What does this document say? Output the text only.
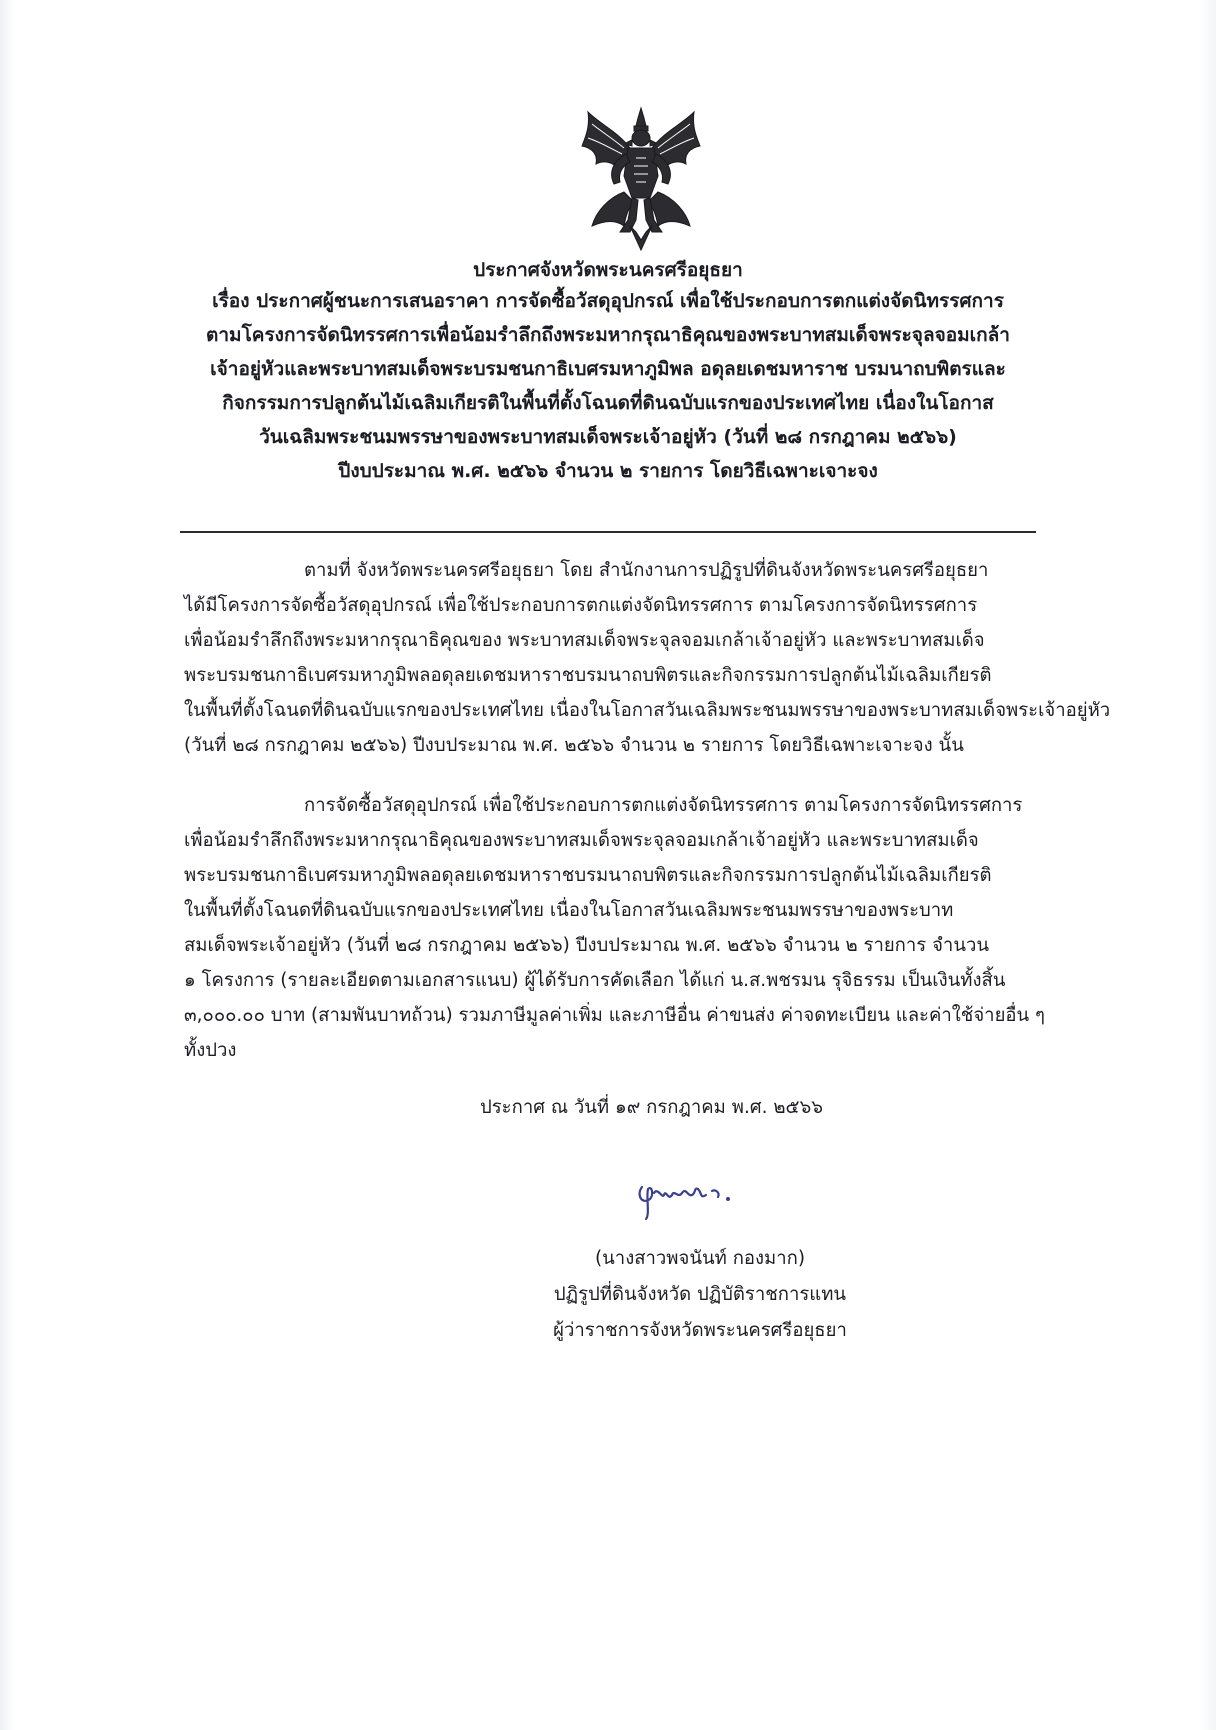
ประกาศจังหวัดพระนครศรีอยุธยา

เรื่อง ประกาศผู้ชนะการเสนอราคา การจัดซื้อวัสดุอุปกรณ์ เพื่อใช้ประกอบการตกแต่งจัดนิทรรศการ

ตามโครงการจัดนิทรรศการเพื่อน้อมรำลึกถึงพระมหากรุณาธิคุณของพระบาทสมเด็จพระจุลจอมเกล้า

เจ้าอยู่หัวและพระบาทสมเด็จพระบรมชนกาธิเบศรมหาภูมิพล อดุลยเดชมหาราช บรมนาถบพิตรและ

กิจกรรมการปลูกต้นไม้เฉลิมเกียรติในพื้นที่ตั้งโฉนดที่ดินฉบับแรกของประเทศไทย เนื่องในโอกาส

วันเฉลิมพระชนมพรรษาของพระบาทสมเด็จพระเจ้าอยู่หัว (วันที่ ๒๘ กรกฎาคม ๒๕๖๖)

ปีงบประมาณ พ.ศ. ๒๕๖๖ จำนวน ๒ รายการ โดยวิธีเฉพาะเจาะจง

ตามที่ จังหวัดพระนครศรีอยุธยา โดย สำนักงานการปฏิรูปที่ดินจังหวัดพระนครศรีอยุธยา
ได้มีโครงการจัดซื้อวัสดุอุปกรณ์ เพื่อใช้ประกอบการตกแต่งจัดนิทรรศการ ตามโครงการจัดนิทรรศการ
เพื่อน้อมรำลึกถึงพระมหากรุณาธิคุณของ พระบาทสมเด็จพระจุลจอมเกล้าเจ้าอยู่หัว และพระบาทสมเด็จ
พระบรมชนกาธิเบศรมหาภูมิพลอดุลยเดชมหาราชบรมนาถบพิตรและกิจกรรมการปลูกต้นไม้เฉลิมเกียรติ
ในพื้นที่ตั้งโฉนดที่ดินฉบับแรกของประเทศไทย เนื่องในโอกาสวันเฉลิมพระชนมพรรษาของพระบาทสมเด็จพระเจ้าอยู่หัว
(วันที่ ๒๘ กรกฎาคม ๒๕๖๖) ปีงบประมาณ พ.ศ. ๒๕๖๖ จำนวน ๒ รายการ โดยวิธีเฉพาะเจาะจง นั้น

การจัดซื้อวัสดุอุปกรณ์ เพื่อใช้ประกอบการตกแต่งจัดนิทรรศการ ตามโครงการจัดนิทรรศการ
เพื่อน้อมรำลึกถึงพระมหากรุณาธิคุณของพระบาทสมเด็จพระจุลจอมเกล้าเจ้าอยู่หัว และพระบาทสมเด็จ
พระบรมชนกาธิเบศรมหาภูมิพลอดุลยเดชมหาราชบรมนาถบพิตรและกิจกรรมการปลูกต้นไม้เฉลิมเกียรติ
ในพื้นที่ตั้งโฉนดที่ดินฉบับแรกของประเทศไทย เนื่องในโอกาสวันเฉลิมพระชนมพรรษาของพระบาท
สมเด็จพระเจ้าอยู่หัว (วันที่ ๒๘ กรกฎาคม ๒๕๖๖) ปีงบประมาณ พ.ศ. ๒๕๖๖ จำนวน ๒ รายการ จำนวน
๑ โครงการ (รายละเอียดตามเอกสารแนบ) ผู้ได้รับการคัดเลือก ได้แก่ น.ส.พชรมน รุจิธรรม เป็นเงินทั้งสิ้น
๓,๐๐๐.๐๐ บาท (สามพันบาทถ้วน) รวมภาษีมูลค่าเพิ่ม และภาษีอื่น ค่าขนส่ง ค่าจดทะเบียน และค่าใช้จ่ายอื่น ๆ
ทั้งปวง

ประกาศ ณ วันที่ ๑๙ กรกฎาคม พ.ศ. ๒๕๖๖

(นางสาวพจนันท์ กองมาก)
ปฏิรูปที่ดินจังหวัด ปฏิบัติราชการแทน
ผู้ว่าราชการจังหวัดพระนครศรีอยุธยา
